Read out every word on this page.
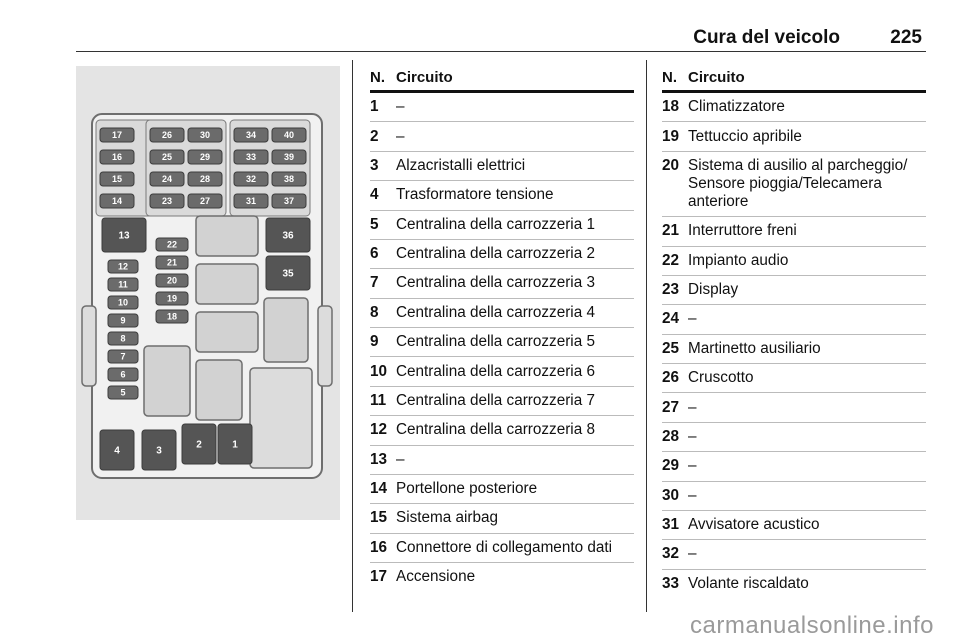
Cura del veicolo	225
17
16
15
14
26
25
24
23
30
29
28
27
34
33
32
31
40
39
38
37
13	36
35
22
21
20
19
18
12
11
10
9
8
7
6
5
4	3
2	1
N. Circuito
1	–
2	–
3	Alzacristalli elettrici
4	Trasformatore tensione
5	Centralina della carrozzeria 1
6	Centralina della carrozzeria 2
7	Centralina della carrozzeria 3
8	Centralina della carrozzeria 4
9	Centralina della carrozzeria 5
10 Centralina della carrozzeria 6
11 Centralina della carrozzeria 7
12 Centralina della carrozzeria 8
13 –
14 Portellone posteriore
15 Sistema airbag
16 Connettore di collegamento dati
17 Accensione
N. Circuito
18 Climatizzatore
19 Tettuccio apribile
20 Sistema di ausilio al parcheggio/ Sensore pioggia/Telecamera anteriore
21 Interruttore freni
22 Impianto audio
23 Display
24 –
25 Martinetto ausiliario
26 Cruscotto
27 –
28 –
29 –
30 –
31 Avvisatore acustico
32 –
33 Volante riscaldato
carmanualsonline.info
